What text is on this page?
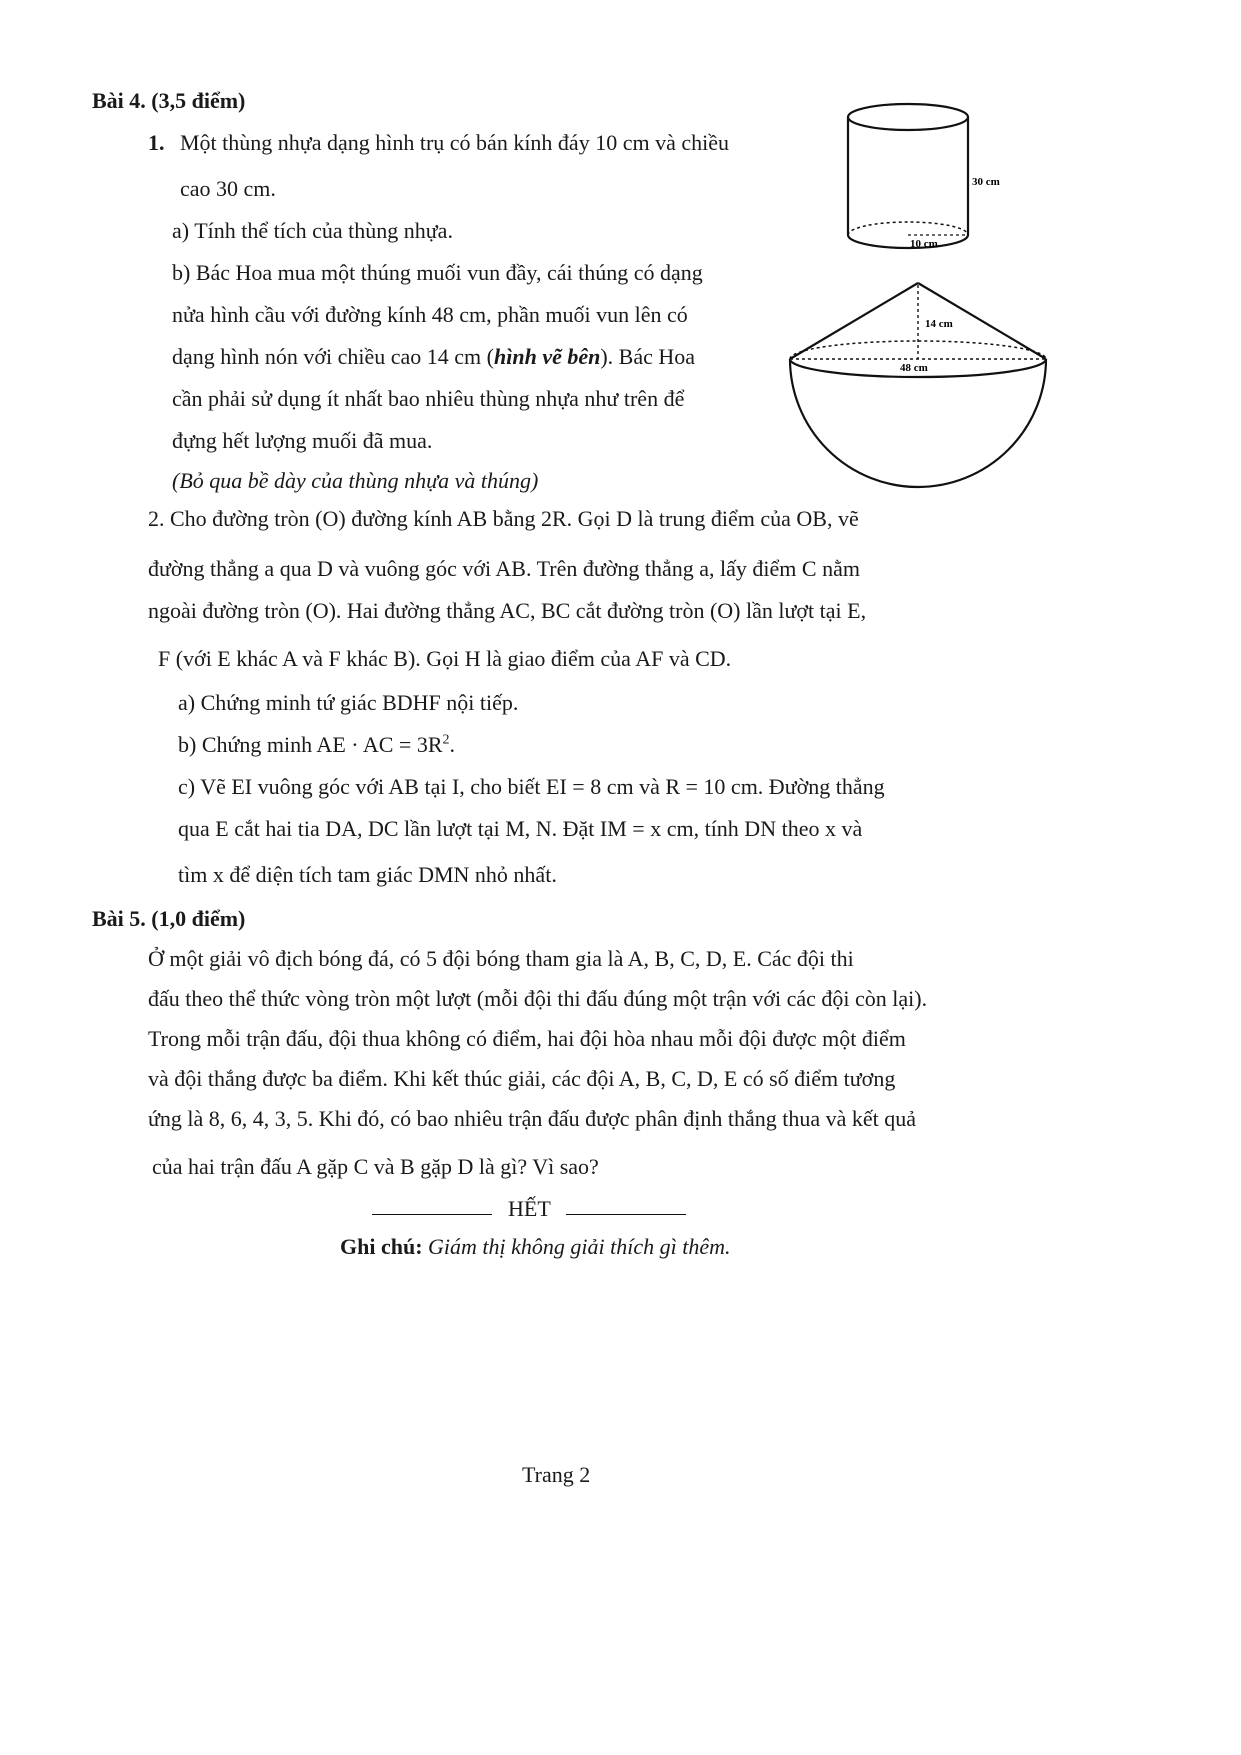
Bài 4. (3,5 điểm)
1. Một thùng nhựa dạng hình trụ có bán kính đáy 10 cm và chiều
cao 30 cm.
a) Tính thể tích của thùng nhựa.
b) Bác Hoa mua một thúng muối vun đầy, cái thúng có dạng
nửa hình cầu với đường kính 48 cm, phần muối vun lên có
dạng hình nón với chiều cao 14 cm (hình vẽ bên). Bác Hoa
cần phải sử dụng ít nhất bao nhiêu thùng nhựa như trên để
đựng hết lượng muối đã mua.
(Bỏ qua bề dày của thùng nhựa và thúng)
30 cm
10 cm
14 cm
48 cm
2. Cho đường tròn (O) đường kính AB bằng 2R. Gọi D là trung điểm của OB, vẽ
đường thẳng a qua D và vuông góc với AB. Trên đường thẳng a, lấy điểm C nằm
ngoài đường tròn (O). Hai đường thẳng AC, BC cắt đường tròn (O) lần lượt tại E,
F (với E khác A và F khác B). Gọi H là giao điểm của AF và CD.
a) Chứng minh tứ giác BDHF nội tiếp.
b) Chứng minh AE · AC = $3R^2$.
c) Vẽ EI vuông góc với AB tại I, cho biết EI = 8 cm và R = 10 cm. Đường thẳng
qua E cắt hai tia DA, DC lần lượt tại M, N. Đặt IM = x cm, tính DN theo x và
tìm x để diện tích tam giác DMN nhỏ nhất.
Bài 5. (1,0 điểm)
Ở một giải vô địch bóng đá, có 5 đội bóng tham gia là A, B, C, D, E. Các đội thi
đấu theo thể thức vòng tròn một lượt (mỗi đội thi đấu đúng một trận với các đội còn lại).
Trong mỗi trận đấu, đội thua không có điểm, hai đội hòa nhau mỗi đội được một điểm
và đội thắng được ba điểm. Khi kết thúc giải, các đội A, B, C, D, E có số điểm tương
ứng là 8, 6, 4, 3, 5. Khi đó, có bao nhiêu trận đấu được phân định thắng thua và kết quả
của hai trận đấu A gặp C và B gặp D là gì? Vì sao?
HẾT
Ghi chú: Giám thị không giải thích gì thêm.
Trang 2
